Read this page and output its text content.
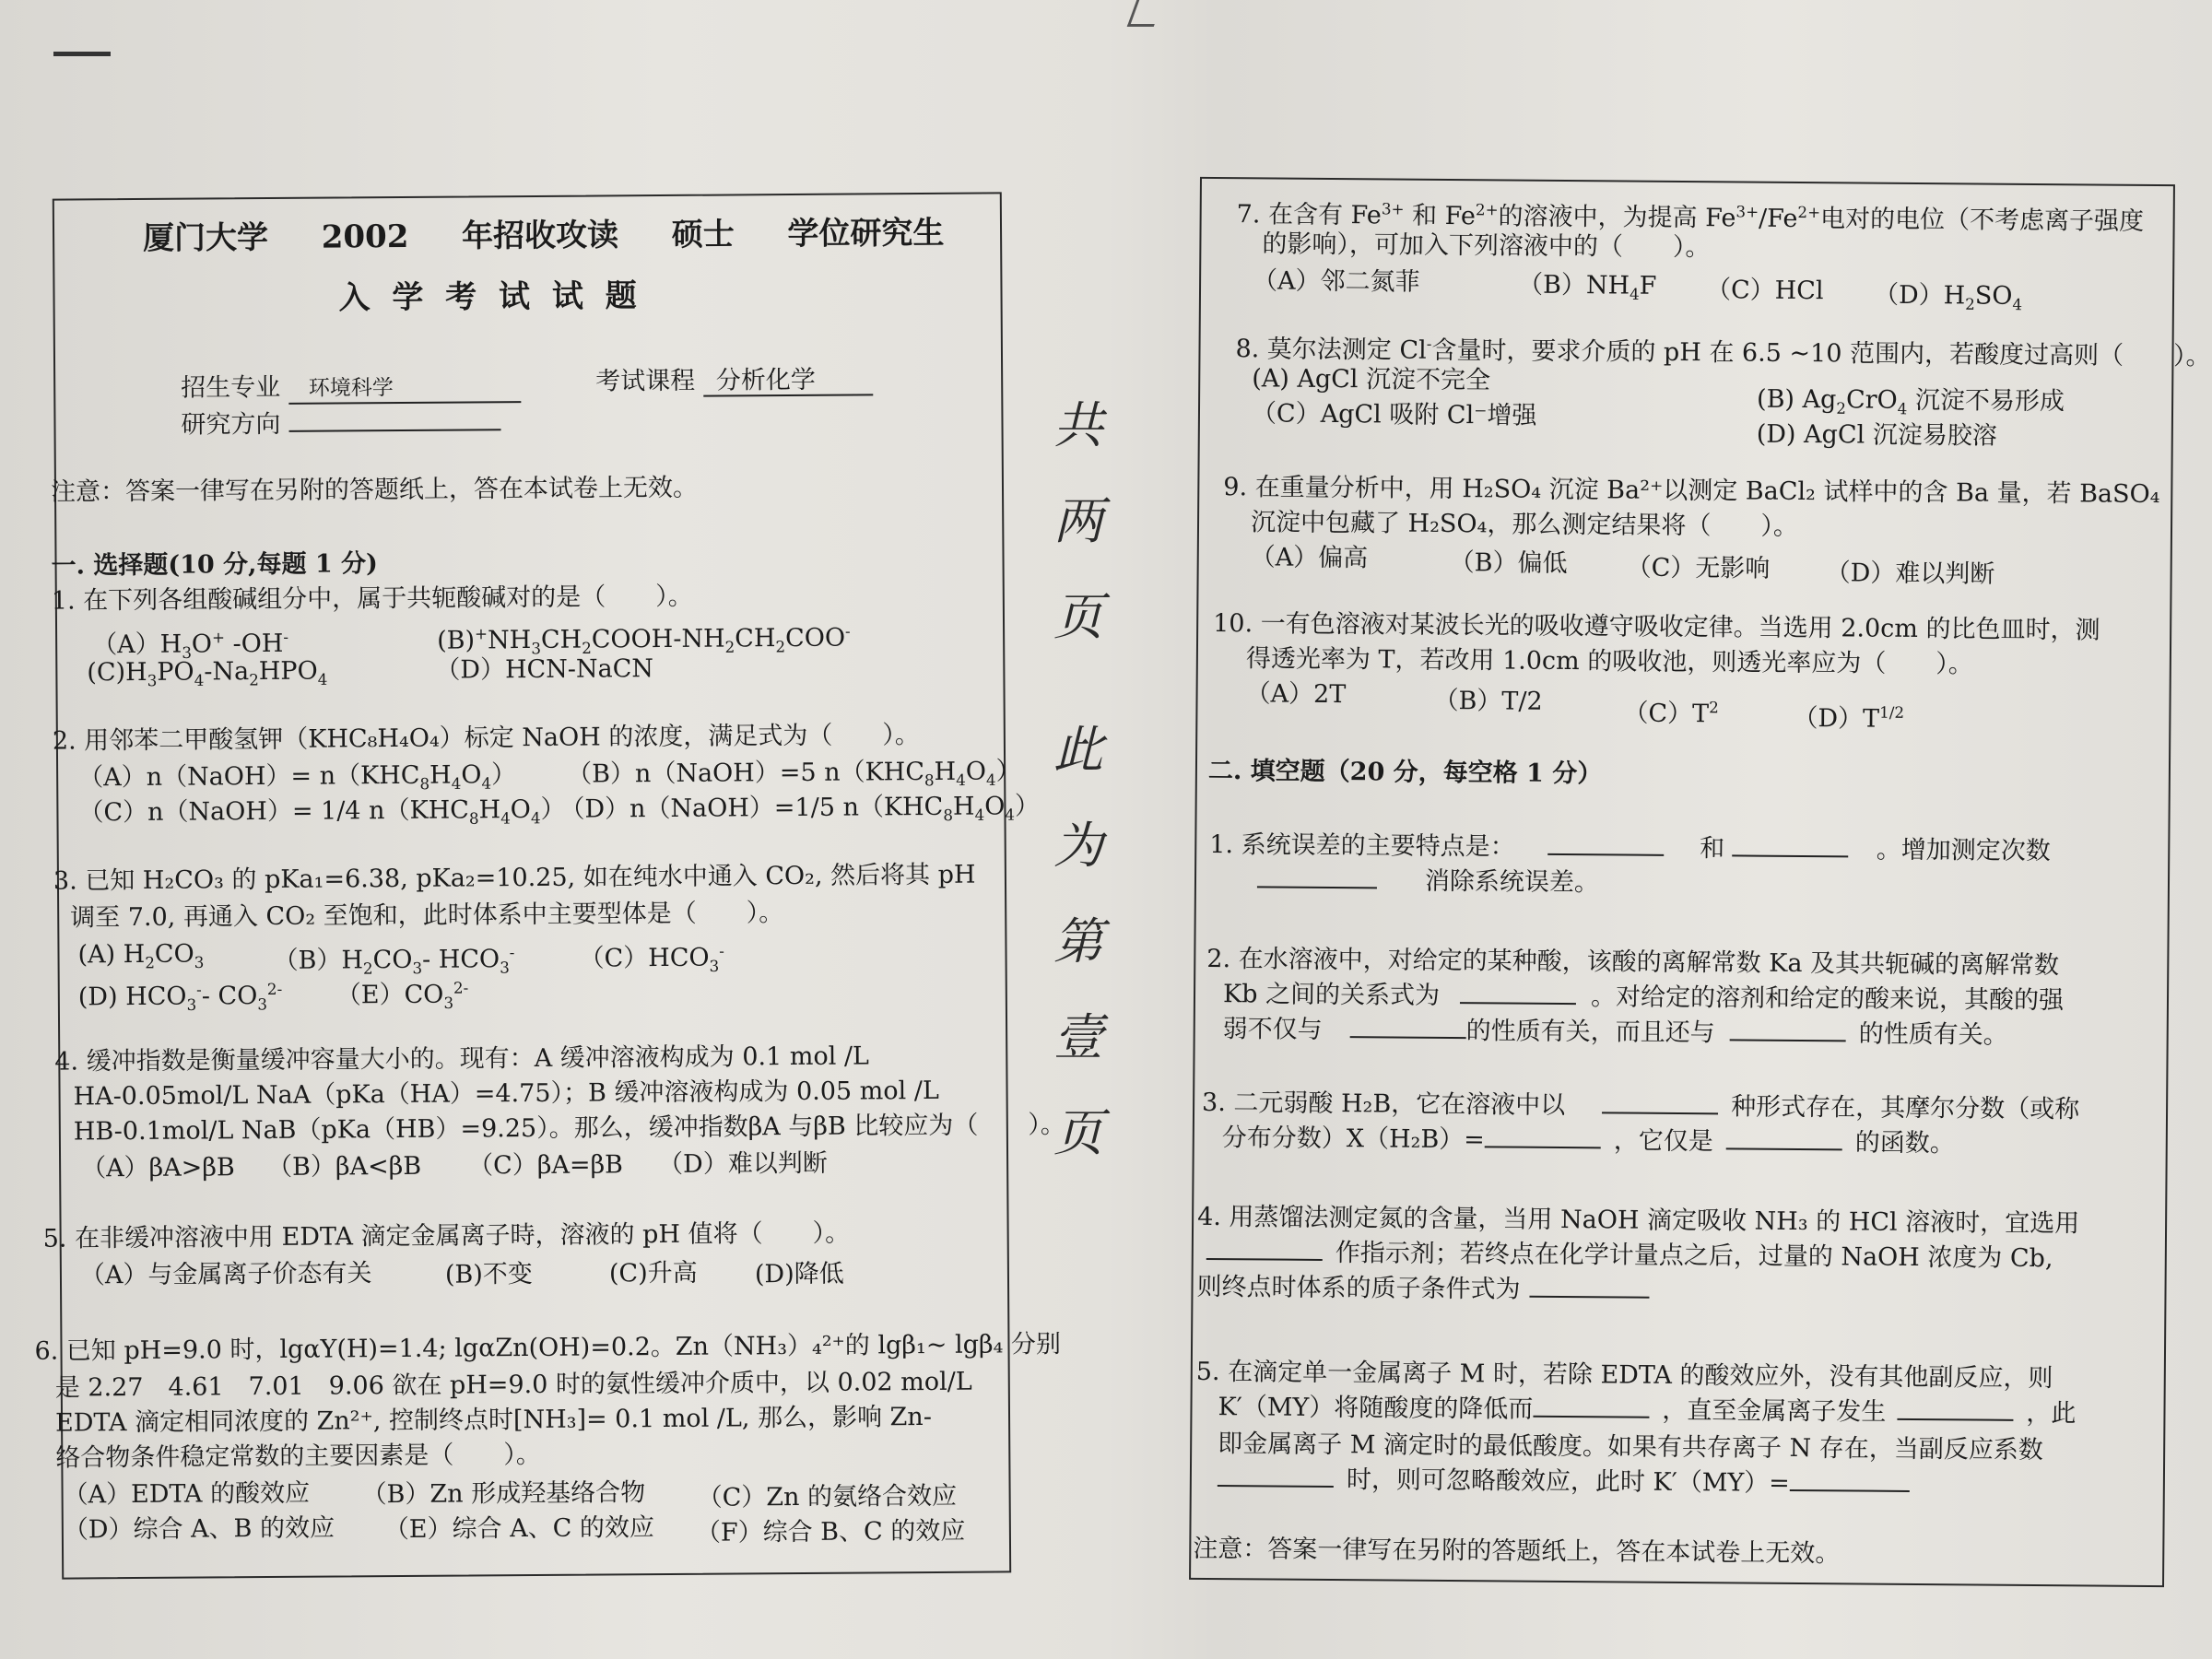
厦门大学 2002 年招收攻读 硕士 学位研究生
入 学 考 试 试 题
招生专业 环境科学	考试课程 分析化学
研究方向
注意：答案一律写在另附的答题纸上，答在本试卷上无效。
一. 选择题(10 分,每题 1 分)
1. 在下列各组酸碱组分中，属于共轭酸碱对的是（　　）。
$(A)H_3O^+$ -OH-	$(B)^+NH_3CH_2COOH-NH_2CH_2COO^-$
$(C)H_3PO_4-Na_2HPO_4$	（D）HCN-NaCN
2. 用邻苯二甲酸氢钾（KHC₈H₄O₄）标定 NaOH 的浓度，满足式为（　　）。
（A）n（NaOH）= $n(KHC_8H_4O_4)$ （B）n（NaOH）=5 $n(KHC_8H_4O_4)$
（C）n（NaOH）= 1/4 $n(KHC_8H_4O_4)$
（D）n（NaOH）=1/5 $n(KHC_8H_4O_4)$
3. 已知 H₂CO₃ 的 pKa₁=6.38, pKa₂=10.25, 如在纯水中通入 CO₂, 然后将其 pH
调至 7.0, 再通入 CO₂ 至饱和，此时体系中主要型体是（　　）。
(A) $H_2CO_3$	$(B)H_2CO_3-$ $HCO_3^-$	$(C)HCO_3^-$
(D) $HCO_3^--$ $CO_3^{2-}$ $(E)CO_3^{2-}$
4. 缓冲指数是衡量缓冲容量大小的。现有：A 缓冲溶液构成为 0.1 mol /L
HA-0.05mol/L NaA（pKa（HA）=4.75）；B 缓冲溶液构成为 0.05 mol /L
HB-0.1mol/L NaB（pKa（HB）=9.25）。那么，缓冲指数βA 与βB 比较应为（　　）。
（A）βA>βB （B）βA<βB （C）βA=βB （D）难以判断
5. 在非缓冲溶液中用 EDTA 滴定金属离子時，溶液的 pH 值将（　　）。
（A）与金属离子价态有关	(B)不变	(C)升高 (D)降低
6. 已知 pH=9.0 时，lgαY(H)=1.4; lgαZn(OH)=0.2。Zn（NH₃）₄²⁺的 lgβ₁~ lgβ₄ 分别
是 2.27　4.61　7.01　9.06 欲在 pH=9.0 时的氨性缓冲介质中，以 0.02 mol/L
EDTA 滴定相同浓度的 Zn²⁺, 控制终点时[NH₃]= 0.1 mol /L, 那么，影响 Zn-
络合物条件稳定常数的主要因素是（　　）。
（A）EDTA 的酸效应 （B）Zn 形成羟基络合物 （C）Zn 的氨络合效应
（D）综合 A、B 的效应 （E）综合 A、C 的效应 （F）综合 B、C 的效应
共
两
页
此
为
第
壹
页
7. 在含有 $Fe^{3+}$ 和 $Fe^{2+}$的溶液中，为提高 $Fe^{3+}/Fe^{2+}$电对的电位（不考虑离子强度
的影响），可加入下列溶液中的（　　）。
（A）邻二氮菲	$(B)NH_4F$ （C）HCl $(D)H_2SO_4$
8. 莫尔法测定 Cl-含量时，要求介质的 pH 在 6.5 ~10 范围内，若酸度过高则（　　）。
(A) AgCl 沉淀不完全
(B) $Ag_2CrO_4$ 沉淀不易形成
（C）AgCl 吸附 Cl⁻增强
(D) AgCl 沉淀易胶溶
9. 在重量分析中，用 H₂SO₄ 沉淀 Ba²⁺以测定 BaCl₂ 试样中的含 Ba 量，若 BaSO₄
沉淀中包藏了 H₂SO₄，那么测定结果将（　　）。
（A）偏高	（B）偏低 （C）无影响 （D）难以判断
10. 一有色溶液对某波长光的吸收遵守吸收定律。当选用 2.0cm 的比色皿时，测
得透光率为 T，若改用 1.0cm 的吸收池，则透光率应为（　　）。
（A）2T	（B）T/2	$(C)T^2$	$(D)T^{1/2}$
二. 填空题（20 分，每空格 1 分）
1. 系统误差的主要特点是：	和	。增加测定次数
消除系统误差。
2. 在水溶液中，对给定的某种酸，该酸的离解常数 Ka 及其共轭碱的离解常数
Kb 之间的关系式为	。对给定的溶剂和给定的酸来说，其酸的强
弱不仅与	的性质有关，而且还与	的性质有关。
3. 二元弱酸 H₂B，它在溶液中以	种形式存在，其摩尔分数（或称
分布分数）X（H₂B）=	，它仅是	的函数。
4. 用蒸馏法测定氮的含量，当用 NaOH 滴定吸收 NH₃ 的 HCl 溶液时，宜选用
作指示剂；若终点在化学计量点之后，过量的 NaOH 浓度为 Cb,
则终点时体系的质子条件式为
5. 在滴定单一金属离子 M 时，若除 EDTA 的酸效应外，没有其他副反应，则
K′（MY）将随酸度的降低而	，直至金属离子发生	，此
即金属离子 M 滴定时的最低酸度。如果有共存离子 N 存在，当副反应系数
时，则可忽略酸效应，此时 K′（MY）=
注意：答案一律写在另附的答题纸上，答在本试卷上无效。
